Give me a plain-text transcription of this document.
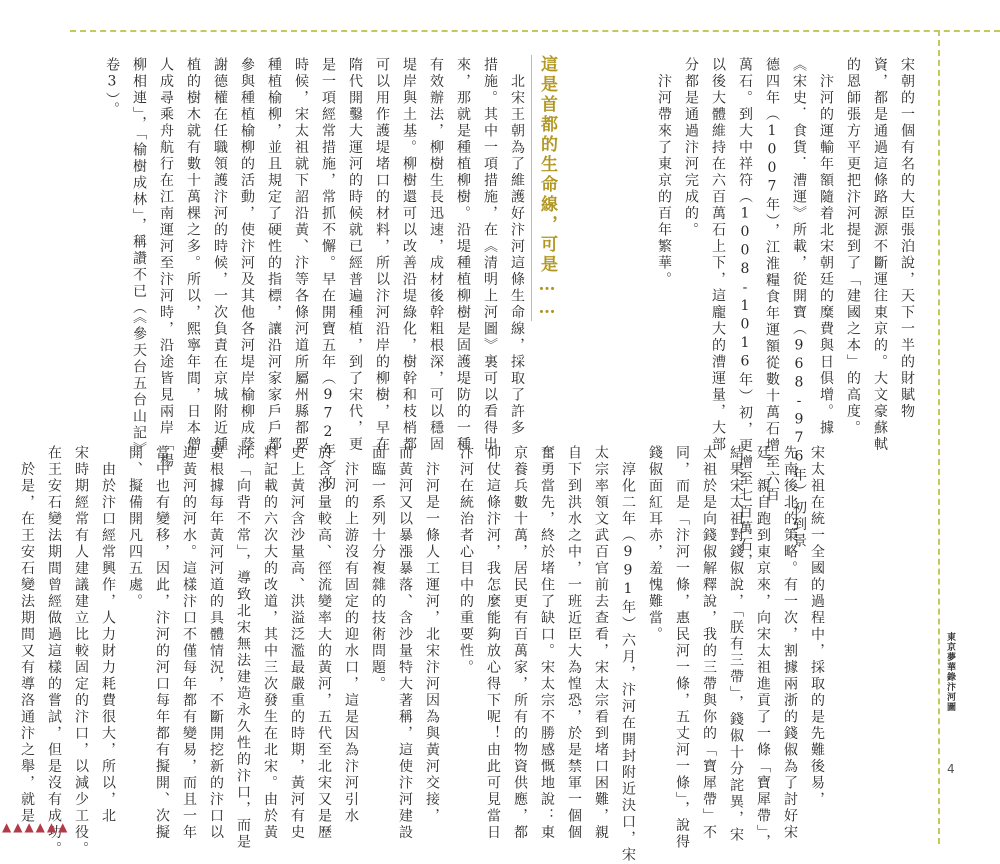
宋朝的一個有名的大臣張泊說，天下一半的財賦物
資，都是通過這條路源源不斷運往東京的。大文豪蘇軾
的恩師張方平更把汴河提到了「建國之本」的高度。
　汴河的運輸年額隨着北宋朝廷的糜費與日俱增。據
《宋史．食貨．漕運》所載，從開寶（968-976年）初到景
德四年（1007年），江淮糧食年運額從數十萬石增至六百
萬石。到大中祥符（1008-1016年）初，更增至七百萬石，
以後大體維持在六百萬石上下，這龐大的漕運量，大部
分都是通過汴河完成的。
　汴河帶來了東京的百年繁華。

宋太祖在統一全國的過程中，採取的是先難後易，
先南後北的策略。有一次，割據兩浙的錢俶為了討好宋
廷，親自跑到東京來，向宋太祖進貢了一條「寶犀帶」，
結果宋太祖對錢俶說，「朕有三帶」，錢俶十分詫異，宋
太祖於是向錢俶解釋說，我的三帶與你的「寶犀帶」不
同，而是「汴河一條，惠民河一條，五丈河一條」，說得
錢俶面紅耳赤，羞愧難當。
　淳化二年（991年）六月，汴河在開封附近決口，宋
太宗率領文武百官前去查看，宋太宗看到堵口困難，親
自下到洪水之中，一班近臣大為惶恐，於是禁軍一個個
奮勇當先，終於堵住了缺口。宋太宗不勝感慨地說：東
京養兵數十萬，居民更有百萬家，所有的物資供應，都
仰仗這條汴河，我怎麼能夠放心得下呢！由此可見當日
汴河在統治者心目中的重要性。

　北宋王朝為了維護好汴河這條生命線，採取了許多
措施。其中一項措施，在《清明上河圖》裏可以看得出
來，那就是種植柳樹。沿堤種植柳樹是固護堤防的一種
有效辦法，柳樹生長迅速，成材後幹粗根深，可以穩固
堤岸與土基。柳樹還可以改善沿堤綠化，樹幹和枝梢都
可以用作護堤堵口的材料，所以汴河沿岸的柳樹，早在
隋代開鑿大運河的時候就已經普遍種植，到了宋代，更
是一項經常措施，常抓不懈。早在開寶五年（972年）的
時候，宋太祖就下詔沿黃、汴等各條河道所屬州縣都要
種植榆柳，並且規定了硬性的指標，讓沿河家家戶戶都
參與種植榆柳的活動，使汴河及其他各河堤岸榆柳成蔭。
謝德權在任職領護汴河的時候，一次負責在京城附近種
植的樹木就有數十萬棵之多。所以，熙寧年間，日本僧
人成尋乘舟航行在江南運河至汴河時，沿途皆見兩岸「楊
柳相連」，「榆樹成林」，稱讚不已（《參天台五台山記》
卷3）。

　汴河是一條人工運河，北宋汴河因為與黃河交接，
而黃河又以暴漲暴落、含沙量特大著稱，這使汴河建設
面臨一系列十分複雜的技術問題。
　汴河的上游沒有固定的迎水口，這是因為汴河引水
於含沙量較高、徑流變率大的黃河，五代至北宋又是歷
史上黃河含沙量高、洪溢泛濫最嚴重的時期，黃河有史
料記載的六次大的改道，其中三次發生在北宋。由於黃
河「向背不常」，導致北宋無法建造永久性的汴口，而是
要根據每年黃河河道的具體情況，不斷開挖新的汴口以
迎黃河的河水。這樣汴口不僅每年都有變易，而且一年
當中也有變移，因此，汴河的河口每年都有擬開、次擬
開、擬備開凡四五處。
　由於汴口經常興作，人力財力耗費很大，所以，北
宋時期經常有人建議建立比較固定的汴口，以減少工役。
在王安石變法期間曾經做過這樣的嘗試，但是沒有成功。
　於是，在王安石變法期間又有導洛通汴之舉，就是

這是首都的生命線，可是……
東京夢華錄汴河圖
4
▲▲▲▲▲▲
